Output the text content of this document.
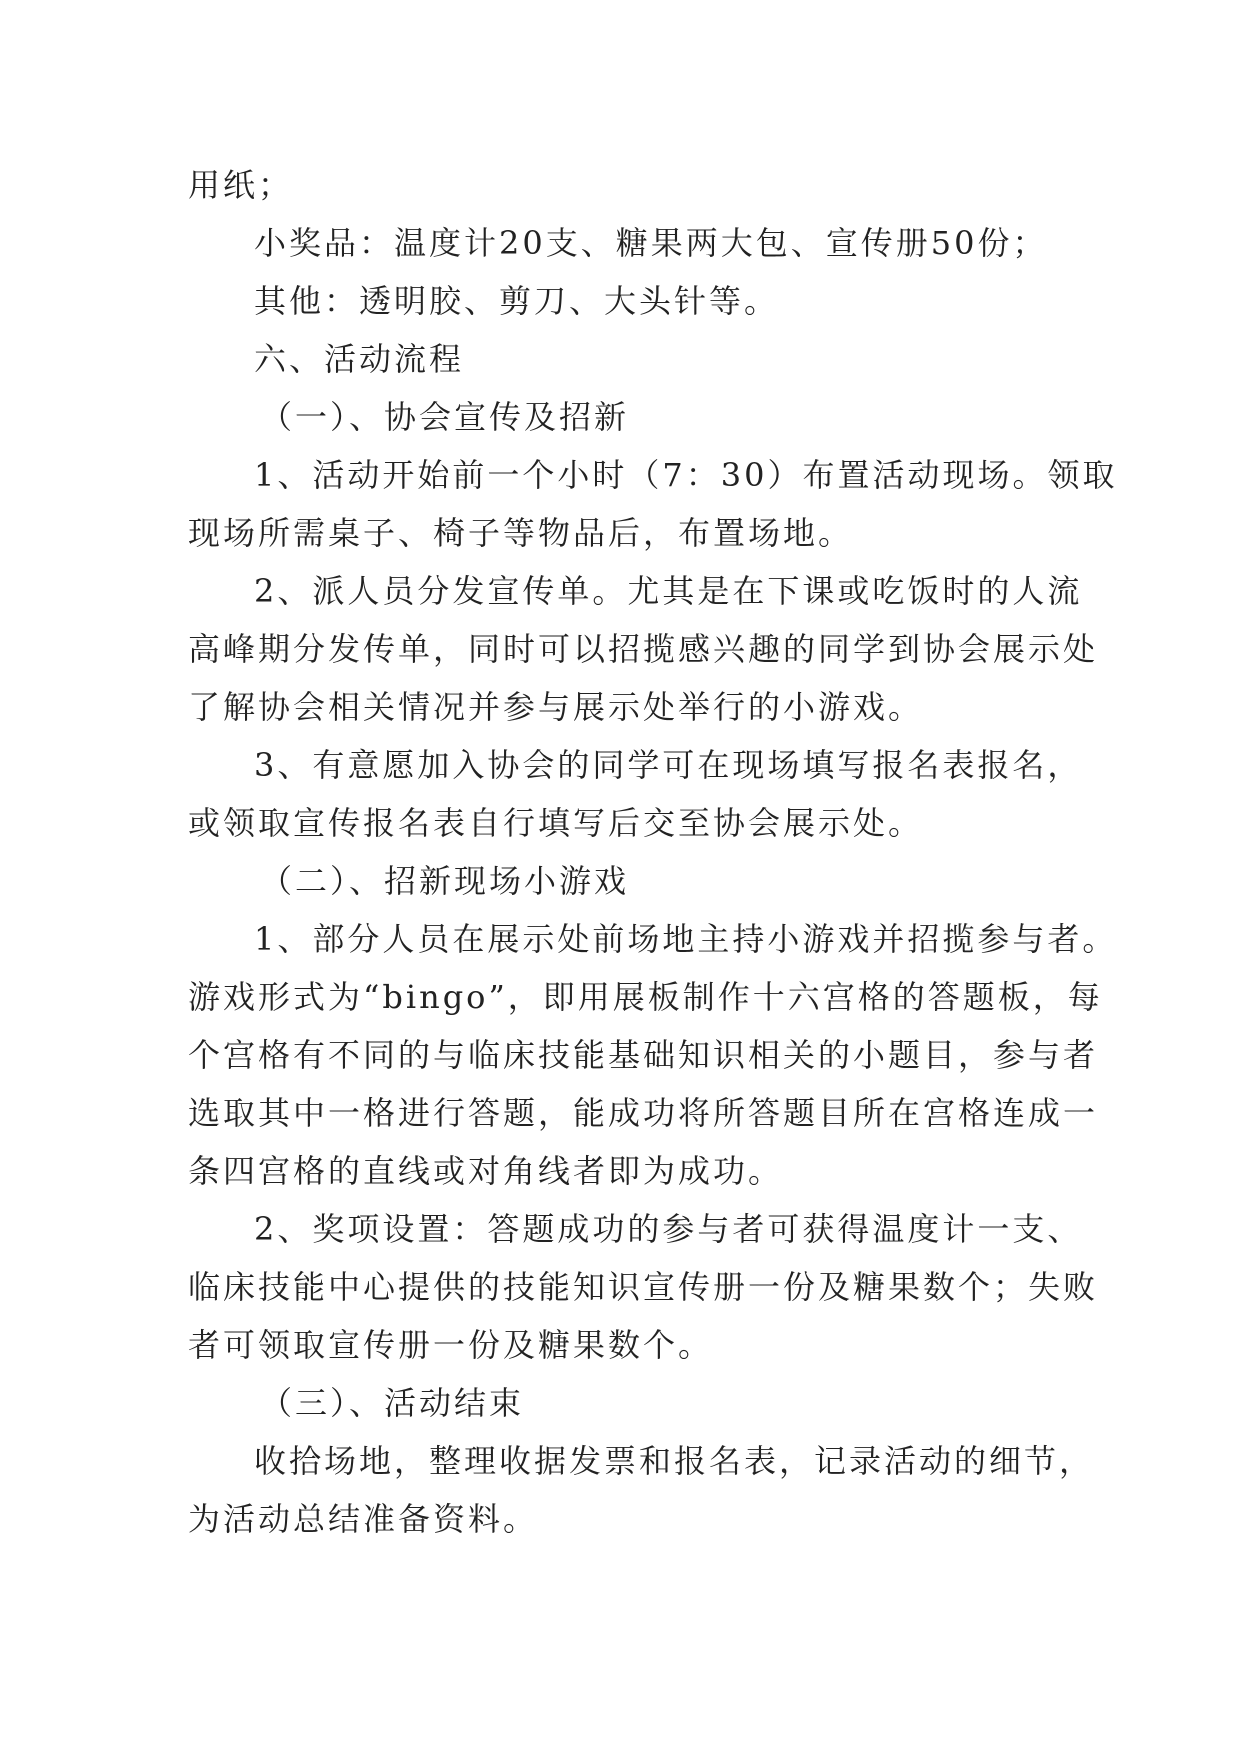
用纸；

小奖品：温度计20支、糖果两大包、宣传册50份；

其他：透明胶、剪刀、大头针等。

六、活动流程

（一）、协会宣传及招新

1、活动开始前一个小时（7：30）布置活动现场。领取

现场所需桌子、椅子等物品后，布置场地。

2、派人员分发宣传单。尤其是在下课或吃饭时的人流

高峰期分发传单，同时可以招揽感兴趣的同学到协会展示处

了解协会相关情况并参与展示处举行的小游戏。

3、有意愿加入协会的同学可在现场填写报名表报名，

或领取宣传报名表自行填写后交至协会展示处。

（二）、招新现场小游戏

1、部分人员在展示处前场地主持小游戏并招揽参与者。

游戏形式为“bingo”，即用展板制作十六宫格的答题板，每

个宫格有不同的与临床技能基础知识相关的小题目，参与者

选取其中一格进行答题，能成功将所答题目所在宫格连成一

条四宫格的直线或对角线者即为成功。

2、奖项设置：答题成功的参与者可获得温度计一支、

临床技能中心提供的技能知识宣传册一份及糖果数个；失败

者可领取宣传册一份及糖果数个。

（三）、活动结束

收拾场地，整理收据发票和报名表，记录活动的细节，

为活动总结准备资料。
